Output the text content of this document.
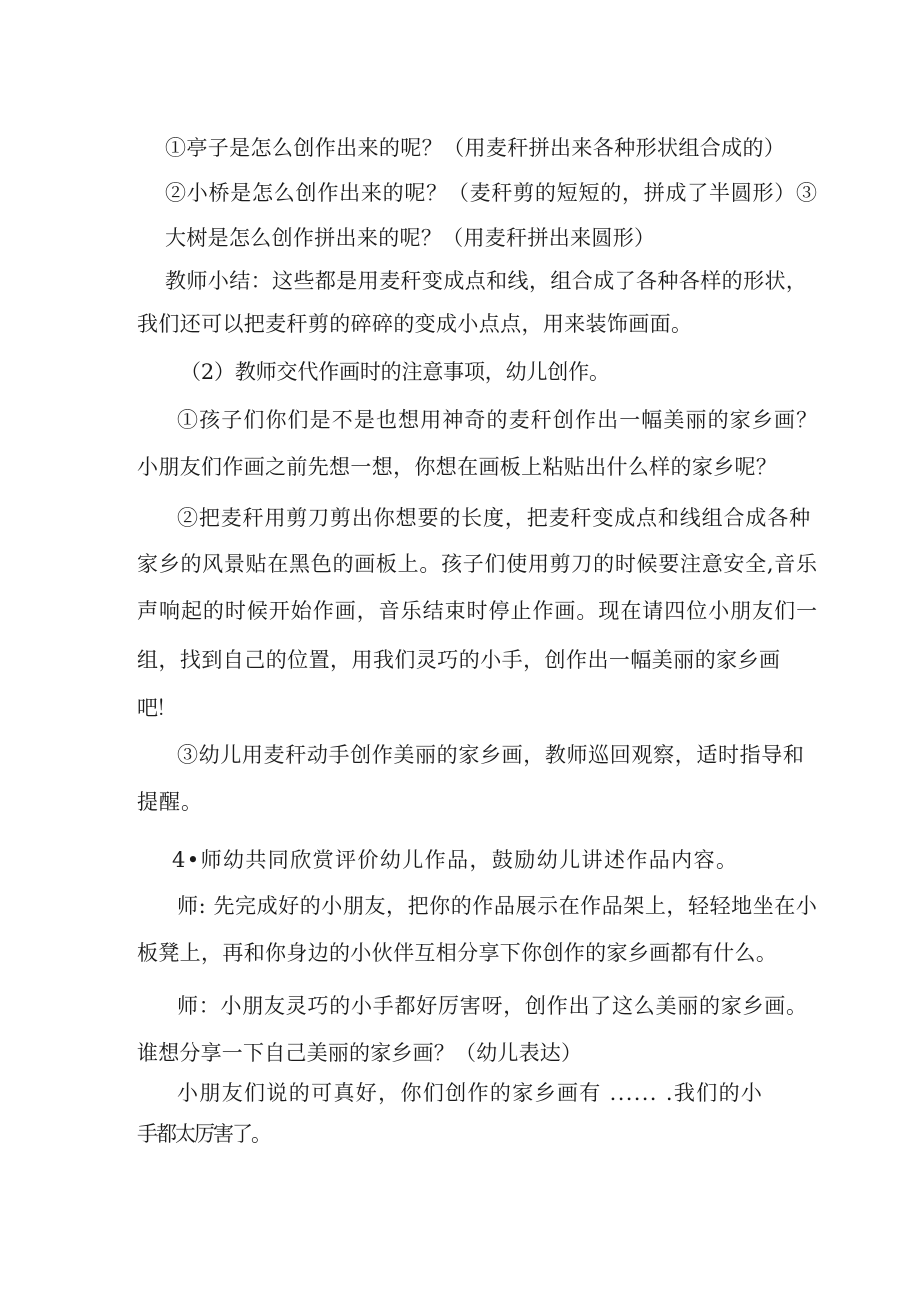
①亭子是怎么创作出来的呢？（用麦秆拼出来各种形状组合成的）

②小桥是怎么创作出来的呢？（麦秆剪的短短的，拼成了半圆形）③

大树是怎么创作拼出来的呢？（用麦秆拼出来圆形）

教师小结：这些都是用麦秆变成点和线，组合成了各种各样的形状，

我们还可以把麦秆剪的碎碎的变成小点点，用来装饰画面。

（2）教师交代作画时的注意事项，幼儿创作。

①孩子们你们是不是也想用神奇的麦秆创作出一幅美丽的家乡画？

小朋友们作画之前先想一想，你想在画板上粘贴出什么样的家乡呢？

②把麦秆用剪刀剪出你想要的长度，把麦秆变成点和线组合成各种

家乡的风景贴在黑色的画板上。孩子们使用剪刀的时候要注意安全,音乐

声响起的时候开始作画，音乐结束时停止作画。现在请四位小朋友们一

组，找到自己的位置，用我们灵巧的小手，创作出一幅美丽的家乡画

吧！

③幼儿用麦秆动手创作美丽的家乡画，教师巡回观察，适时指导和

提醒。

4•师幼共同欣赏评价幼儿作品，鼓励幼儿讲述作品内容。

师: 先完成好的小朋友，把你的作品展示在作品架上，轻轻地坐在小

板凳上，再和你身边的小伙伴互相分享下你创作的家乡画都有什么。

师：小朋友灵巧的小手都好厉害呀，创作出了这么美丽的家乡画。

谁想分享一下自己美丽的家乡画？（幼儿表达）

小朋友们说的可真好，你们创作的家乡画有 ...... .我们的小

手都太厉害了。
